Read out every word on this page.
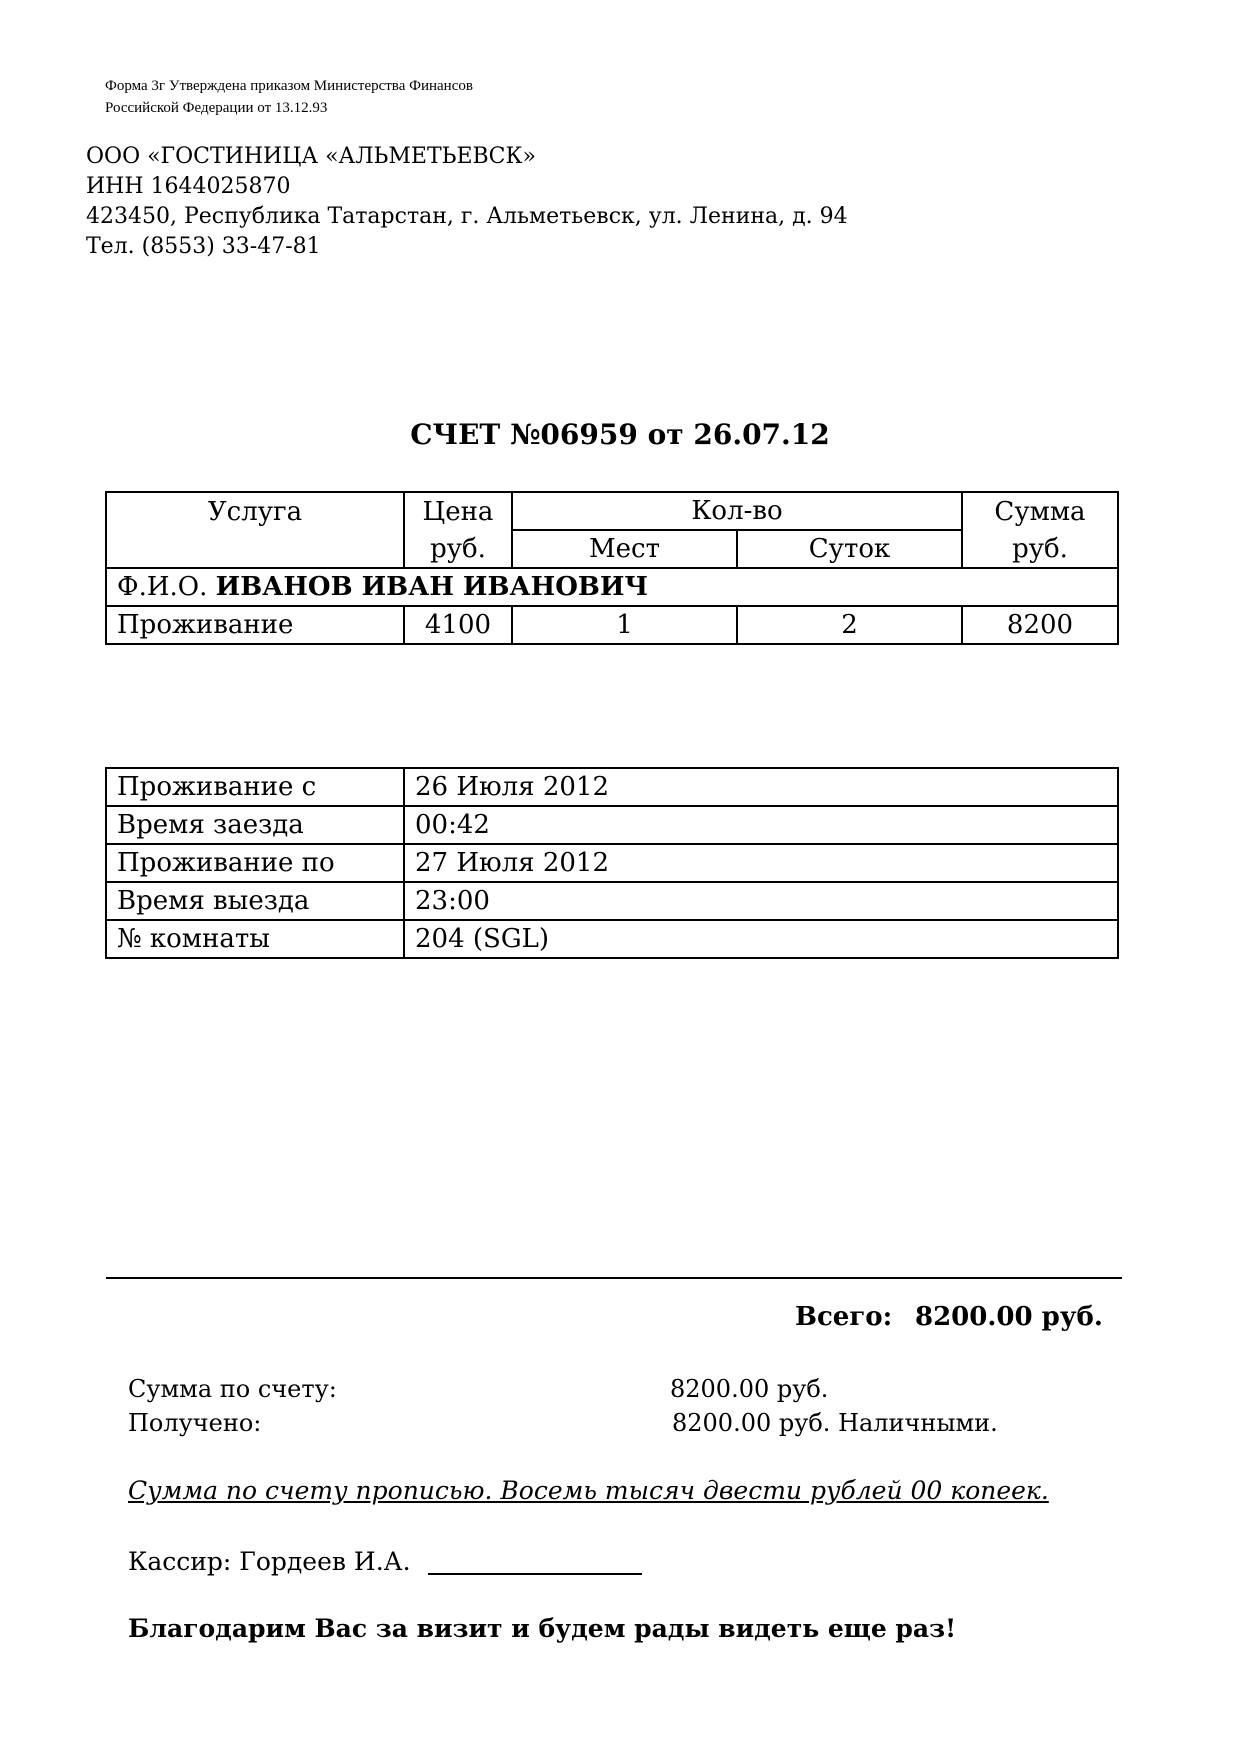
Форма 3г Утверждена приказом Министерства Финансов
Российской Федерации от 13.12.93
ООО «ГОСТИНИЦА «АЛЬМЕТЬЕВСК»
ИНН 1644025870
423450, Республика Татарстан, г. Альметьевск, ул. Ленина, д. 94
Тел. (8553) 33-47-81
СЧЕТ №06959 от 26.07.12
Услуга	Цена	Кол-во		Сумма
	руб.	Мест	Суток	руб.
Ф.И.О. ИВАНОВ ИВАН ИВАНОВИЧ				
Проживание	4100	1	2	8200
Проживание с	26 Июля 2012
Время заезда	00:42
Проживание по	27 Июля 2012
Время выезда	23:00
№ комнаты	204 (SGL)
Всего: 8200.00 руб.
Сумма по счету:	8200.00 руб.
Получено:	8200.00 руб. Наличными.
Сумма по счету прописью. Восемь тысяч двести рублей 00 копеек.
Кассир: Гордеев И.А.
Благодарим Вас за визит и будем рады видеть еще раз!
